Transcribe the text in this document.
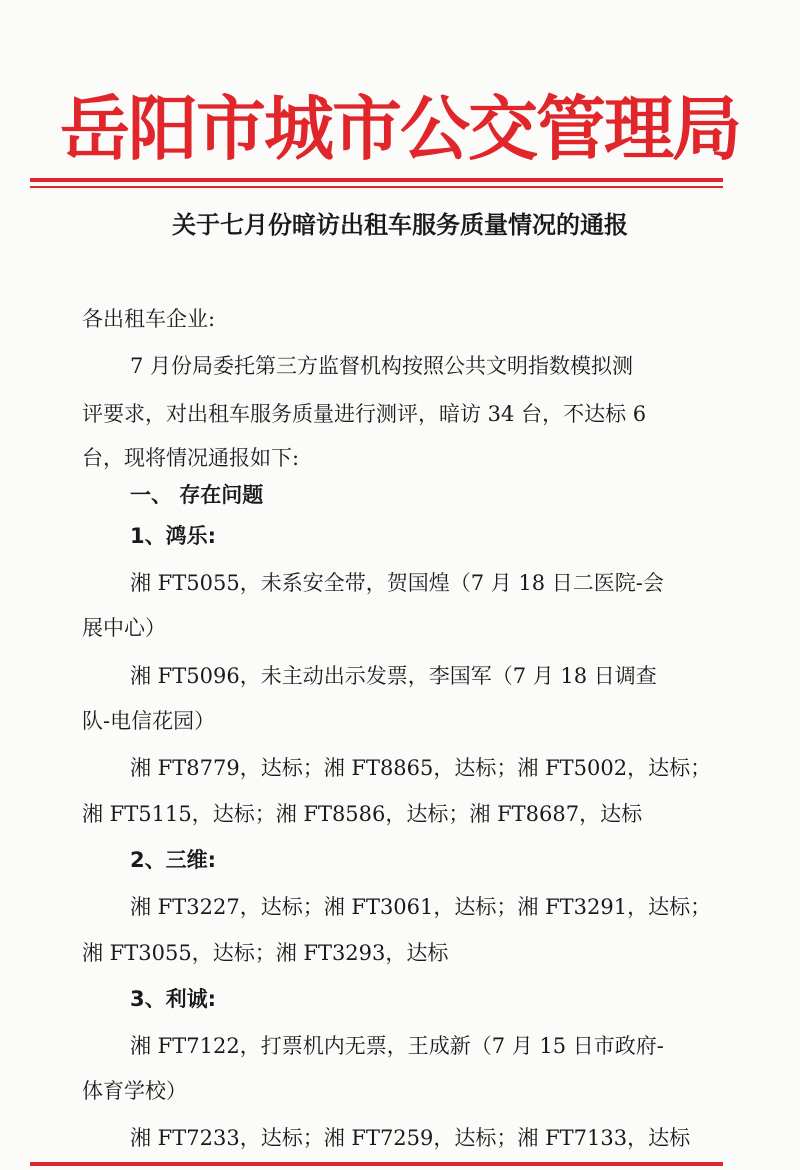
岳阳市城市公交管理局
关于七月份暗访出租车服务质量情况的通报
各出租车企业:
7 月份局委托第三方监督机构按照公共文明指数模拟测
评要求，对出租车服务质量进行测评，暗访 34 台，不达标 6
台，现将情况通报如下:
一、 存在问题
1、鸿乐:
湘 FT5055，未系安全带，贺国煌（7 月 18 日二医院-会
展中心）
湘 FT5096，未主动出示发票，李国军（7 月 18 日调查
队-电信花园）
湘 FT8779，达标；湘 FT8865，达标；湘 FT5002，达标；
湘 FT5115，达标；湘 FT8586，达标；湘 FT8687，达标
2、三维:
湘 FT3227，达标；湘 FT3061，达标；湘 FT3291，达标；
湘 FT3055，达标；湘 FT3293，达标
3、利诚:
湘 FT7122，打票机内无票，王成新（7 月 15 日市政府-
体育学校）
湘 FT7233，达标；湘 FT7259，达标；湘 FT7133，达标
